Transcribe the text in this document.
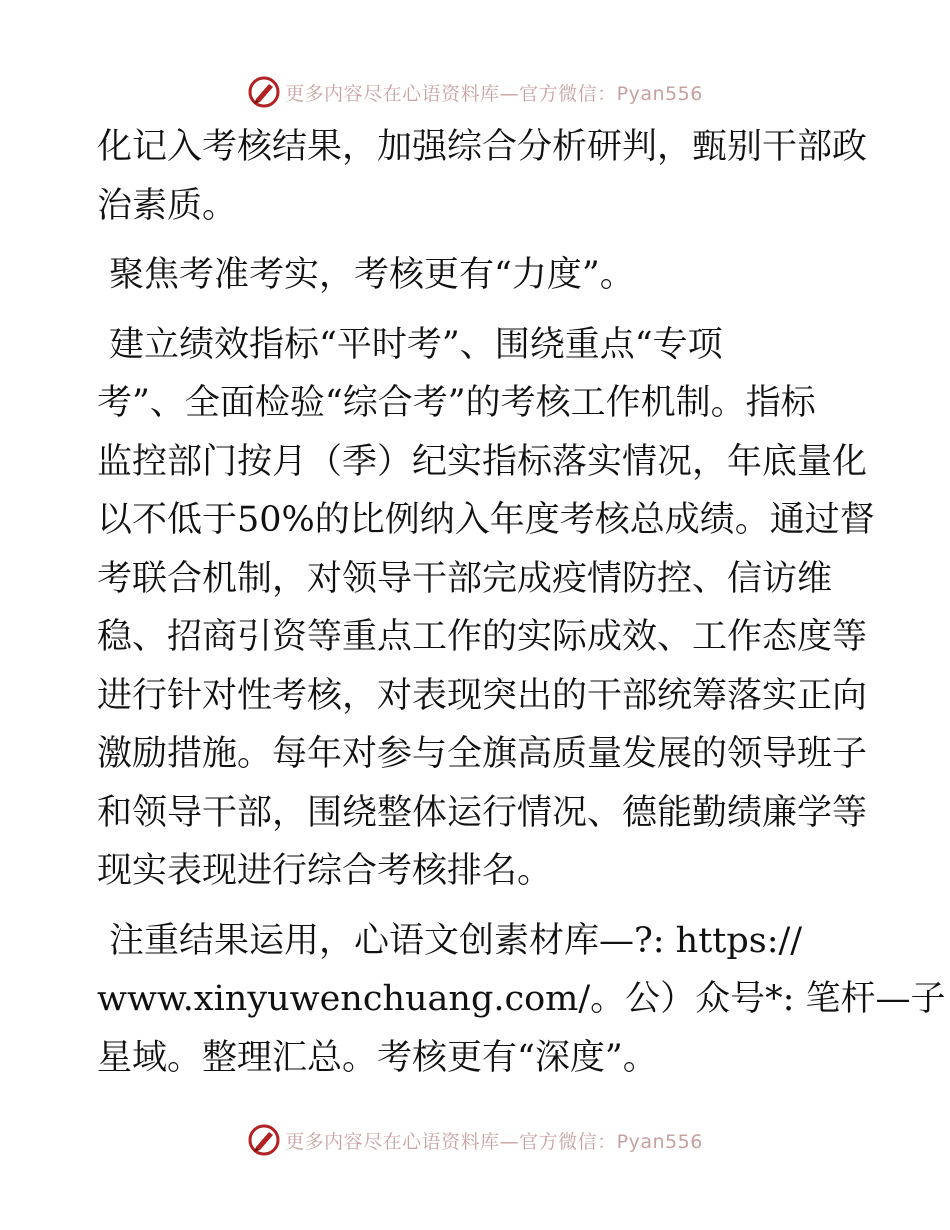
更多内容尽在心语资料库—官方微信：Pyan556

化记入考核结果，加强综合分析研判，甄别干部政
治素质。

聚焦考准考实，考核更有“力度”。

建立绩效指标“平时考”、围绕重点“专项
考”、全面检验“综合考”的考核工作机制。指标
监控部门按月（季）纪实指标落实情况，年底量化
以不低于50%的比例纳入年度考核总成绩。通过督
考联合机制，对领导干部完成疫情防控、信访维
稳、招商引资等重点工作的实际成效、工作态度等
进行针对性考核，对表现突出的干部统筹落实正向
激励措施。每年对参与全旗高质量发展的领导班子
和领导干部，围绕整体运行情况、德能勤绩廉学等
现实表现进行综合考核排名。

注重结果运用，心语文创素材库—?: https://
www.xinyuwenchuang.com/。公）众号*: 笔杆—子
星域。整理汇总。考核更有“深度”。

更多内容尽在心语资料库—官方微信：Pyan556
